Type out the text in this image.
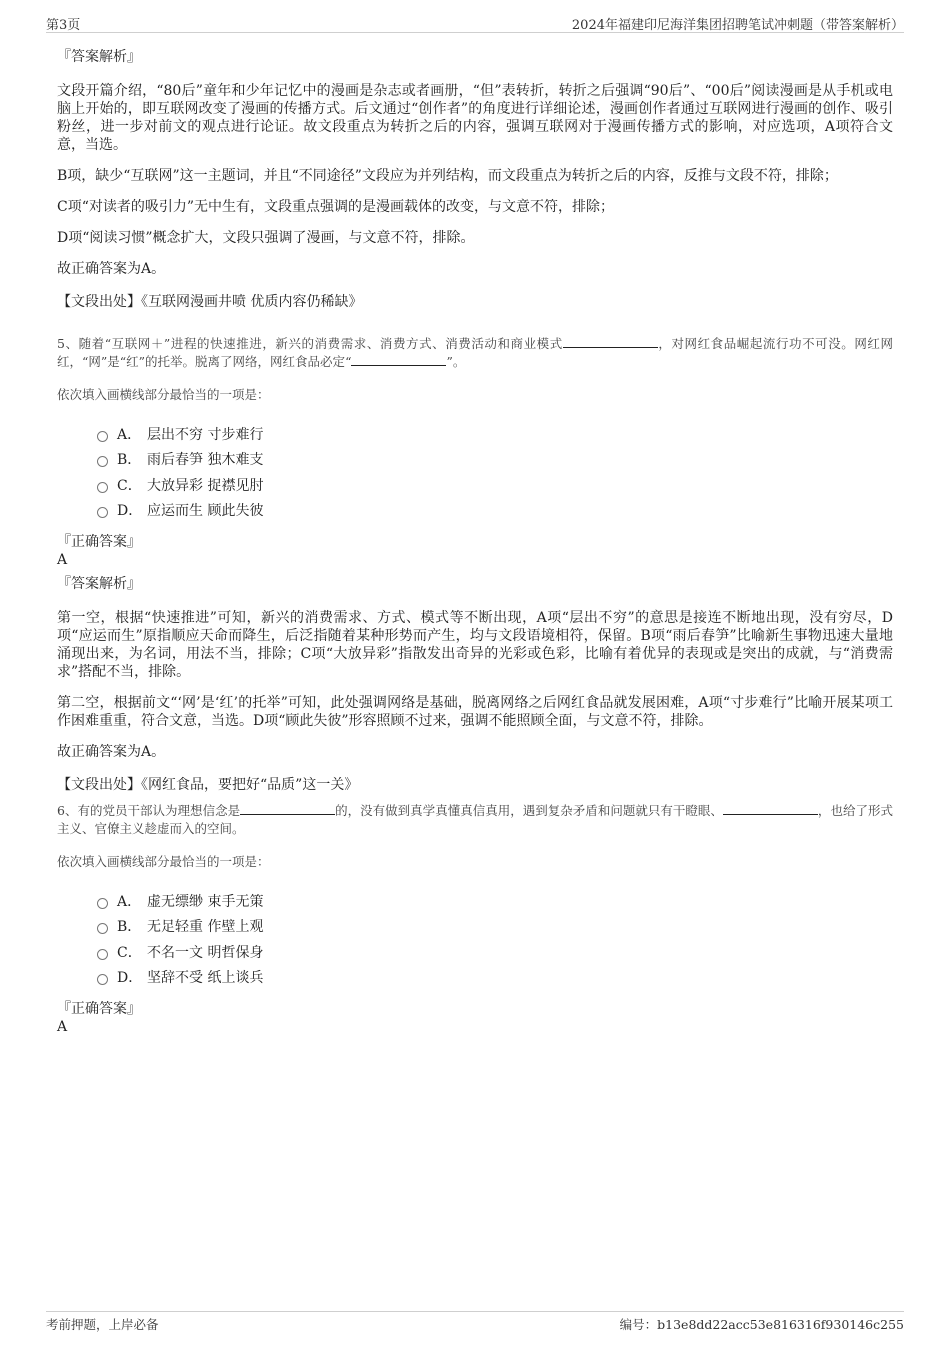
第3页	2024年福建印尼海洋集团招聘笔试冲刺题（带答案解析）

『答案解析』

文段开篇介绍，“80后”童年和少年记忆中的漫画是杂志或者画册，“但”表转折，转折之后强调“90后”、“00后”阅读漫画是从手机或电脑上开始的，即互联网改变了漫画的传播方式。后文通过“创作者”的角度进行详细论述，漫画创作者通过互联网进行漫画的创作、吸引粉丝，进一步对前文的观点进行论证。故文段重点为转折之后的内容，强调互联网对于漫画传播方式的影响，对应选项，A项符合文意，当选。

B项，缺少“互联网”这一主题词，并且“不同途径”文段应为并列结构，而文段重点为转折之后的内容，反推与文段不符，排除；

C项“对读者的吸引力”无中生有，文段重点强调的是漫画载体的改变，与文意不符，排除；

D项“阅读习惯”概念扩大，文段只强调了漫画，与文意不符，排除。

故正确答案为A。

【文段出处】《互联网漫画井喷 优质内容仍稀缺》

5、随着“互联网＋”进程的快速推进，新兴的消费需求、消费方式、消费活动和商业模式	，对网红食品崛起流行功不可没。网红网红，“网”是“红”的托举。脱离了网络，网红食品必定“	”。

依次填入画横线部分最恰当的一项是：

A． 层出不穷 寸步难行
B． 雨后春笋 独木难支
C． 大放异彩 捉襟见肘
D． 应运而生 顾此失彼

『正确答案』

A

『答案解析』

第一空，根据“快速推进”可知，新兴的消费需求、方式、模式等不断出现，A项“层出不穷”的意思是接连不断地出现，没有穷尽，D项“应运而生”原指顺应天命而降生，后泛指随着某种形势而产生，均与文段语境相符，保留。B项“雨后春笋”比喻新生事物迅速大量地涌现出来，为名词，用法不当，排除；C项“大放异彩”指散发出奇异的光彩或色彩，比喻有着优异的表现或是突出的成就，与“消费需求”搭配不当，排除。

第二空，根据前文“‘网’是‘红’的托举”可知，此处强调网络是基础，脱离网络之后网红食品就发展困难，A项“寸步难行”比喻开展某项工作困难重重，符合文意，当选。D项“顾此失彼”形容照顾不过来，强调不能照顾全面，与文意不符，排除。

故正确答案为A。

【文段出处】《网红食品，要把好“品质”这一关》

6、有的党员干部认为理想信念是	的，没有做到真学真懂真信真用，遇到复杂矛盾和问题就只有干瞪眼、	，也给了形式主义、官僚主义趁虚而入的空间。

依次填入画横线部分最恰当的一项是：

A． 虚无缥缈 束手无策
B． 无足轻重 作壁上观
C． 不名一文 明哲保身
D． 坚辞不受 纸上谈兵

『正确答案』

A

考前押题，上岸必备	编号：b13e8dd22acc53e816316f930146c255
